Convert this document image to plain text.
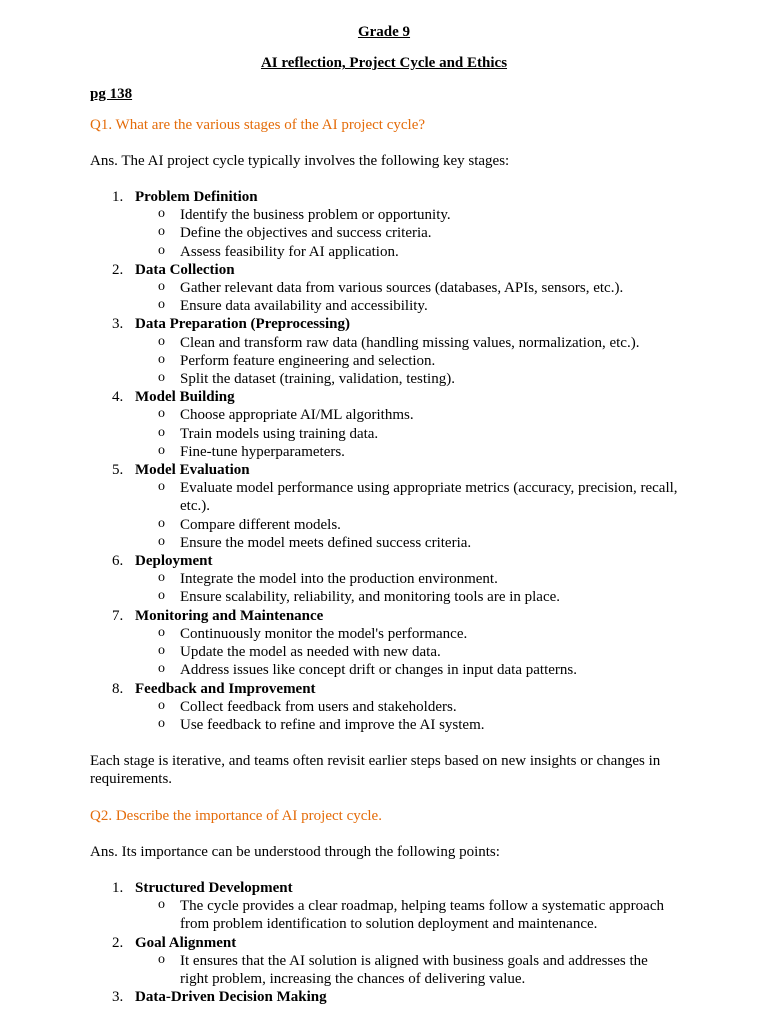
Grade 9

AI reflection, Project Cycle and Ethics

pg 138

Q1. What are the various stages of the AI project cycle?

Ans. The AI project cycle typically involves the following key stages:

1. Problem Definition
o Identify the business problem or opportunity.
o Define the objectives and success criteria.
o Assess feasibility for AI application.
2. Data Collection
o Gather relevant data from various sources (databases, APIs, sensors, etc.).
o Ensure data availability and accessibility.
3. Data Preparation (Preprocessing)
o Clean and transform raw data (handling missing values, normalization, etc.).
o Perform feature engineering and selection.
o Split the dataset (training, validation, testing).
4. Model Building
o Choose appropriate AI/ML algorithms.
o Train models using training data.
o Fine-tune hyperparameters.
5. Model Evaluation
o Evaluate model performance using appropriate metrics (accuracy, precision, recall, etc.).
o Compare different models.
o Ensure the model meets defined success criteria.
6. Deployment
o Integrate the model into the production environment.
o Ensure scalability, reliability, and monitoring tools are in place.
7. Monitoring and Maintenance
o Continuously monitor the model's performance.
o Update the model as needed with new data.
o Address issues like concept drift or changes in input data patterns.
8. Feedback and Improvement
o Collect feedback from users and stakeholders.
o Use feedback to refine and improve the AI system.

Each stage is iterative, and teams often revisit earlier steps based on new insights or changes in requirements.

Q2. Describe the importance of AI project cycle.

Ans. Its importance can be understood through the following points:

1. Structured Development
o The cycle provides a clear roadmap, helping teams follow a systematic approach from problem identification to solution deployment and maintenance.
2. Goal Alignment
o It ensures that the AI solution is aligned with business goals and addresses the right problem, increasing the chances of delivering value.
3. Data-Driven Decision Making
